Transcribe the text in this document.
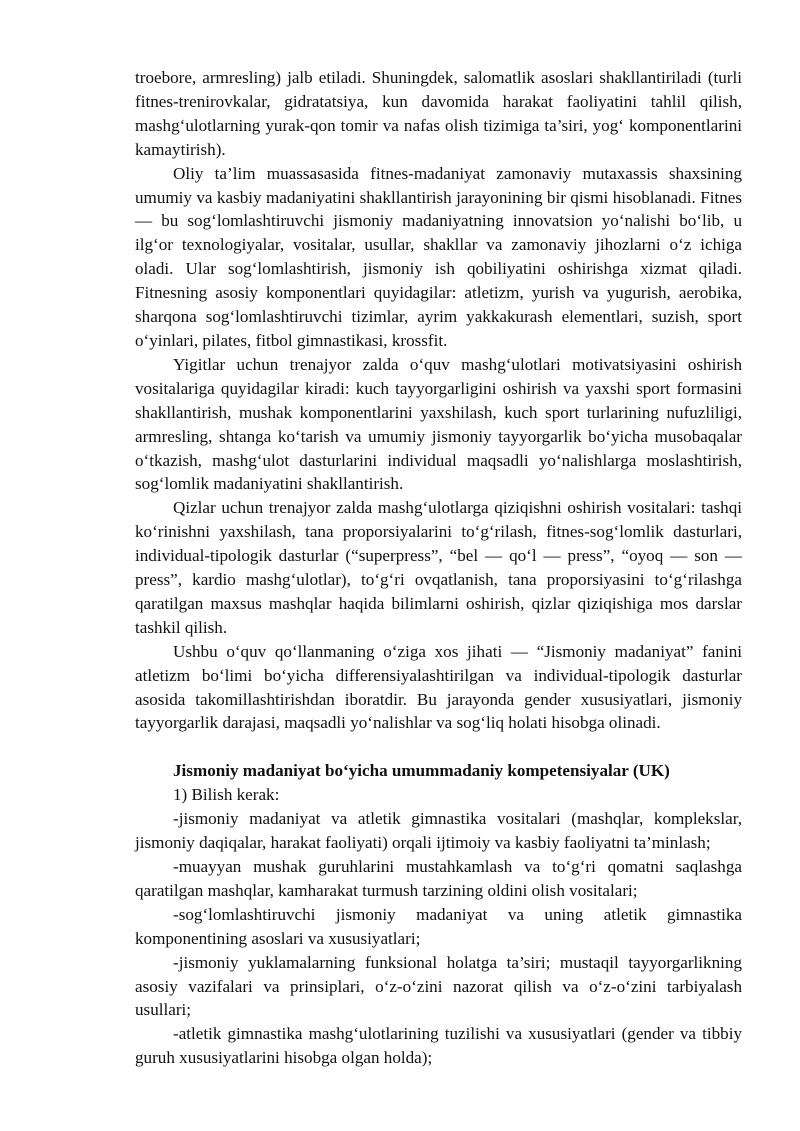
troebore, armresling) jalb etiladi. Shuningdek, salomatlik asoslari shakllantiriladi (turli fitnes-trenirovkalar, gidratatsiya, kun davomida harakat faoliyatini tahlil qilish, mashg‘ulotlarning yurak-qon tomir va nafas olish tizimiga ta’siri, yog‘ komponentlarini kamaytirish).

Oliy ta’lim muassasasida fitnes-madaniyat zamonaviy mutaxassis shaxsining umumiy va kasbiy madaniyatini shakllantirish jarayonining bir qismi hisoblanadi. Fitnes — bu sog‘lomlashtiruvchi jismoniy madaniyatning innovatsion yo‘nalishi bo‘lib, u ilg‘or texnologiyalar, vositalar, usullar, shakllar va zamonaviy jihozlarni o‘z ichiga oladi. Ular sog‘lomlashtirish, jismoniy ish qobiliyatini oshirishga xizmat qiladi. Fitnesning asosiy komponentlari quyidagilar: atletizm, yurish va yugurish, aerobika, sharqona sog‘lomlashtiruvchi tizimlar, ayrim yakkakurash elementlari, suzish, sport o‘yinlari, pilates, fitbol gimnastikasi, krossfit.

Yigitlar uchun trenajyor zalda o‘quv mashg‘ulotlari motivatsiyasini oshirish vositalariga quyidagilar kiradi: kuch tayyorgarligini oshirish va yaxshi sport formasini shakllantirish, mushak komponentlarini yaxshilash, kuch sport turlarining nufuzliligi, armresling, shtanga ko‘tarish va umumiy jismoniy tayyorgarlik bo‘yicha musobaqalar o‘tkazish, mashg‘ulot dasturlarini individual maqsadli yo‘nalishlarga moslashtirish, sog‘lomlik madaniyatini shakllantirish.

Qizlar uchun trenajyor zalda mashg‘ulotlarga qiziqishni oshirish vositalari: tashqi ko‘rinishni yaxshilash, tana proporsiyalarini to‘g‘rilash, fitnes-sog‘lomlik dasturlari, individual-tipologik dasturlar (“superpress”, “bel — qo‘l — press”, “oyoq — son — press”, kardio mashg‘ulotlar), to‘g‘ri ovqatlanish, tana proporsiyasini to‘g‘rilashga qaratilgan maxsus mashqlar haqida bilimlarni oshirish, qizlar qiziqishiga mos darslar tashkil qilish.

Ushbu o‘quv qo‘llanmaning o‘ziga xos jihati — “Jismoniy madaniyat” fanini atletizm bo‘limi bo‘yicha differensiyalashtirilgan va individual-tipologik dasturlar asosida takomillashtirishdan iboratdir. Bu jarayonda gender xususiyatlari, jismoniy tayyorgarlik darajasi, maqsadli yo‘nalishlar va sog‘liq holati hisobga olinadi.

Jismoniy madaniyat bo‘yicha umummadaniy kompetensiyalar (UK)

1) Bilish kerak:

-jismoniy madaniyat va atletik gimnastika vositalari (mashqlar, komplekslar, jismoniy daqiqalar, harakat faoliyati) orqali ijtimoiy va kasbiy faoliyatni ta’minlash;

-muayyan mushak guruhlarini mustahkamlash va to‘g‘ri qomatni saqlashga qaratilgan mashqlar, kamharakat turmush tarzining oldini olish vositalari;

-sog‘lomlashtiruvchi jismoniy madaniyat va uning atletik gimnastika komponentining asoslari va xususiyatlari;

-jismoniy yuklamalarning funksional holatga ta’siri; mustaqil tayyorgarlikning asosiy vazifalari va prinsiplari, o‘z-o‘zini nazorat qilish va o‘z-o‘zini tarbiyalash usullari;

-atletik gimnastika mashg‘ulotlarining tuzilishi va xususiyatlari (gender va tibbiy guruh xususiyatlarini hisobga olgan holda);
